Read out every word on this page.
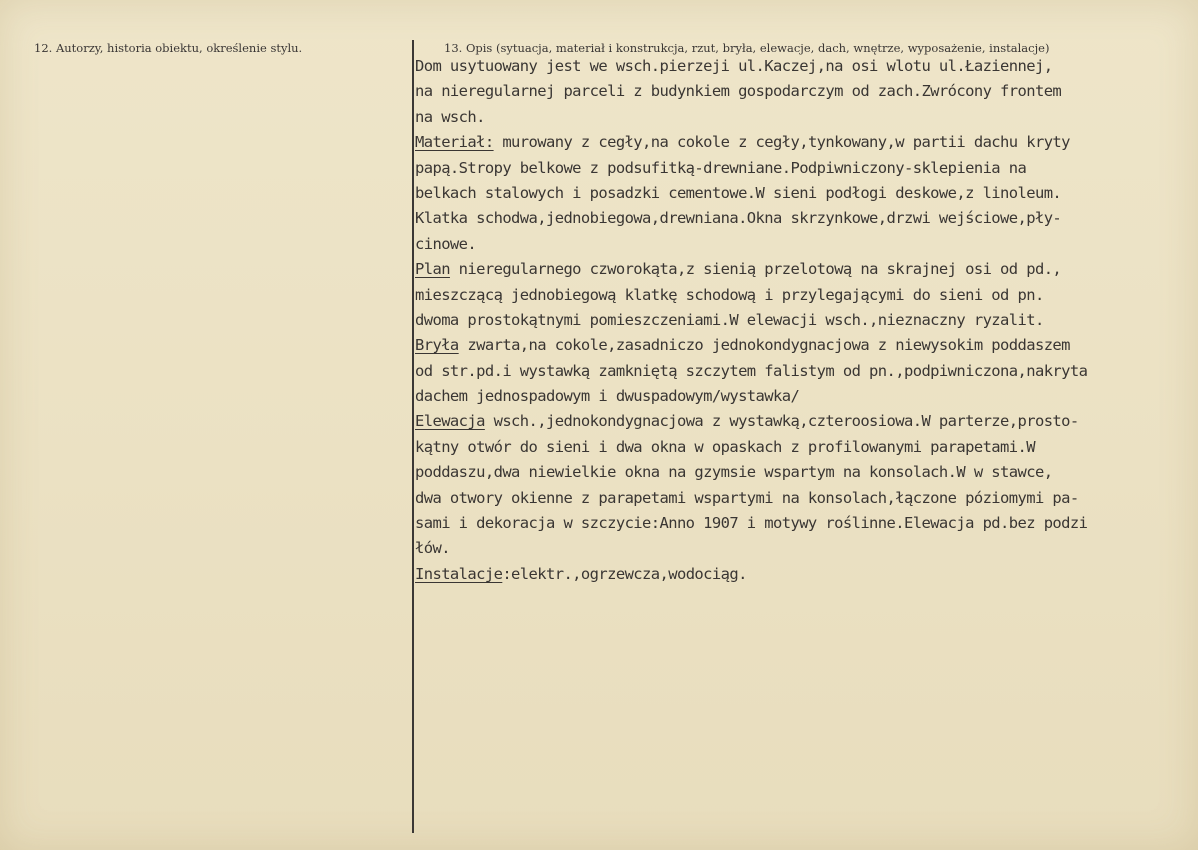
12. Autorzy, historia obiektu, określenie stylu.	13. Opis (sytuacja, materiał i konstrukcja, rzut, bryła, elewacje, dach, wnętrze, wyposażenie, instalacje)
Dom usytuowany jest we wsch.pierzeji ul.Kaczej,na osi wlotu ul.Łaziennej,
na nieregularnej parceli z budynkiem gospodarczym od zach.Zwrócony frontem
na wsch.
Materiał: murowany z cegły,na cokole z cegły,tynkowany,w partii dachu kryty
papą.Stropy belkowe z podsufitką-drewniane.Podpiwniczony-sklepienia na
belkach stalowych i posadzki cementowe.W sieni podłogi deskowe,z linoleum.
Klatka schodwa,jednobiegowa,drewniana.Okna skrzynkowe,drzwi wejściowe,pły-
cinowe.
Plan nieregularnego czworokąta,z sienią przelotową na skrajnej osi od pd.,
mieszczącą jednobiegową klatkę schodową i przylegającymi do sieni od pn.
dwoma prostokątnymi pomieszczeniami.W elewacji wsch.,nieznaczny ryzalit.
Bryła zwarta,na cokole,zasadniczo jednokondygnacjowa z niewysokim poddaszem
od str.pd.i wystawką zamkniętą szczytem falistym od pn.,podpiwniczona,nakryta
dachem jednospadowym i dwuspadowym/wystawka/
Elewacja wsch.,jednokondygnacjowa z wystawką,czteroosiowa.W parterze,prosto-
kątny otwór do sieni i dwa okna w opaskach z profilowanymi parapetami.W
poddaszu,dwa niewielkie okna na gzymsie wspartym na konsolach.W w stawce,
dwa otwory okienne z parapetami wspartymi na konsolach,łączone póziomymi pa-
sami i dekoracja w szczycie:Anno 1907 i motywy roślinne.Elewacja pd.bez podzi
łów.
Instalacje:elektr.,ogrzewcza,wodociąg.
